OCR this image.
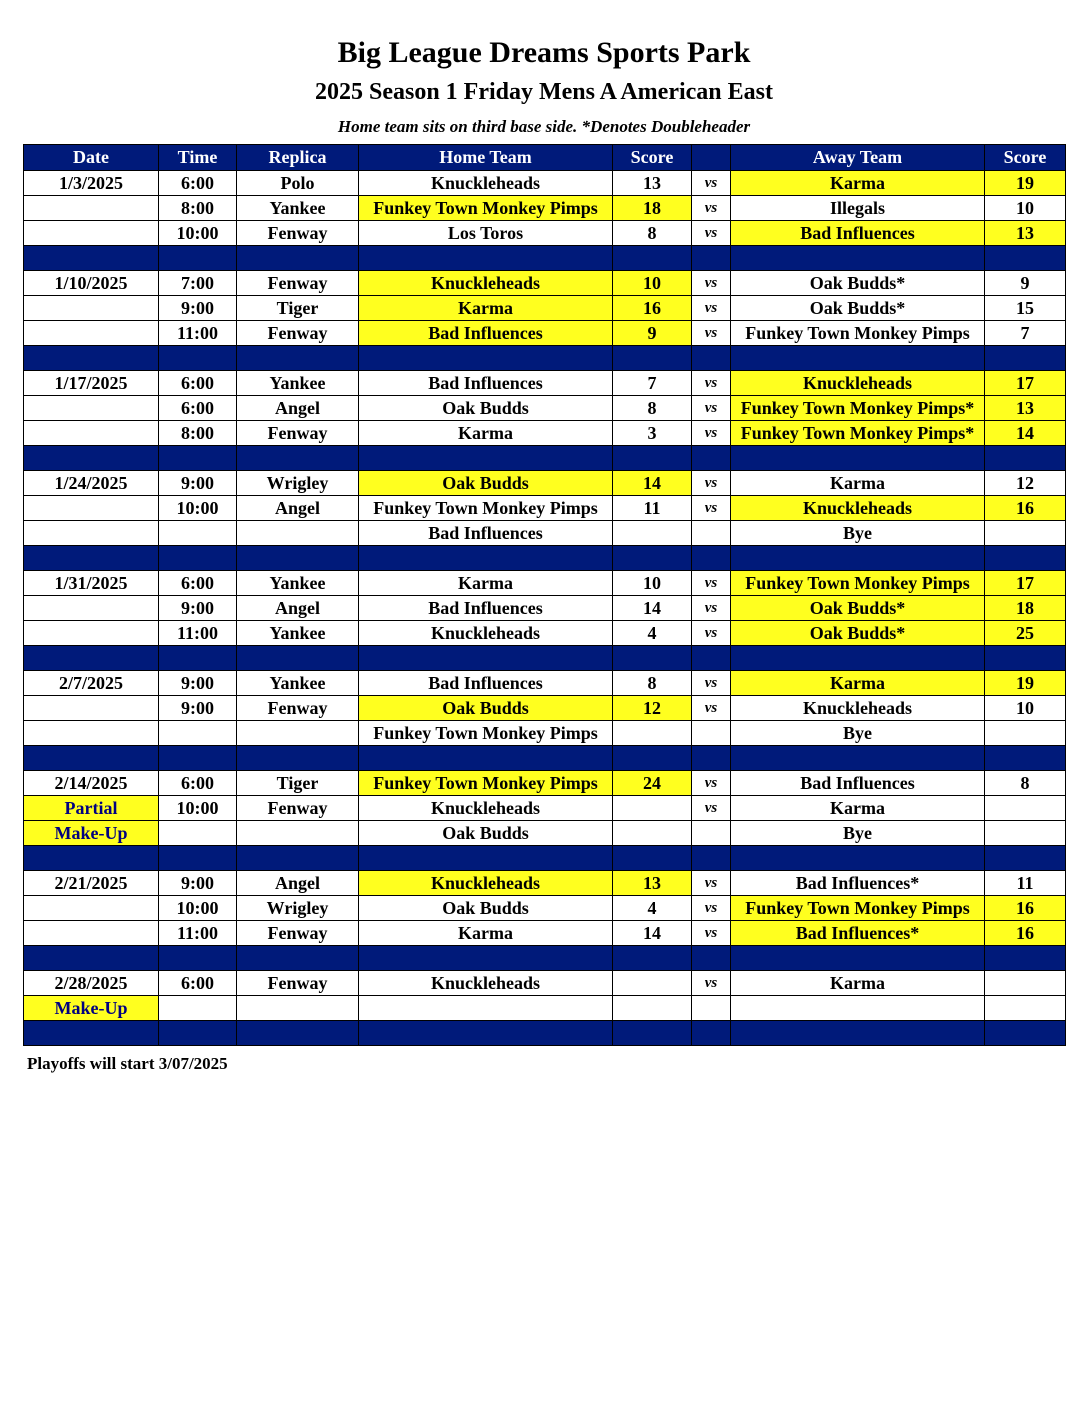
Big League Dreams Sports Park
2025 Season 1 Friday Mens A American East
Home team sits on third base side. *Denotes Doubleheader
Date	Time	Replica	Home Team	Score		Away Team	Score
1/3/2025	6:00	Polo	Knuckleheads	13	vs	Karma	19
	8:00	Yankee	Funkey Town Monkey Pimps	18	vs	Illegals	10
	10:00	Fenway	Los Toros	8	vs	Bad Influences	13

1/10/2025	7:00	Fenway	Knuckleheads	10	vs	Oak Budds*	9
	9:00	Tiger	Karma	16	vs	Oak Budds*	15
	11:00	Fenway	Bad Influences	9	vs	Funkey Town Monkey Pimps	7

1/17/2025	6:00	Yankee	Bad Influences	7	vs	Knuckleheads	17
	6:00	Angel	Oak Budds	8	vs	Funkey Town Monkey Pimps*	13
	8:00	Fenway	Karma	3	vs	Funkey Town Monkey Pimps*	14

1/24/2025	9:00	Wrigley	Oak Budds	14	vs	Karma	12
	10:00	Angel	Funkey Town Monkey Pimps	11	vs	Knuckleheads	16
			Bad Influences			Bye	

1/31/2025	6:00	Yankee	Karma	10	vs	Funkey Town Monkey Pimps	17
	9:00	Angel	Bad Influences	14	vs	Oak Budds*	18
	11:00	Yankee	Knuckleheads	4	vs	Oak Budds*	25

2/7/2025	9:00	Yankee	Bad Influences	8	vs	Karma	19
	9:00	Fenway	Oak Budds	12	vs	Knuckleheads	10
			Funkey Town Monkey Pimps			Bye	

2/14/2025	6:00	Tiger	Funkey Town Monkey Pimps	24	vs	Bad Influences	8
Partial	10:00	Fenway	Knuckleheads		vs	Karma	
Make-Up			Oak Budds			Bye	

2/21/2025	9:00	Angel	Knuckleheads	13	vs	Bad Influences*	11
	10:00	Wrigley	Oak Budds	4	vs	Funkey Town Monkey Pimps	16
	11:00	Fenway	Karma	14	vs	Bad Influences*	16

2/28/2025	6:00	Fenway	Knuckleheads		vs	Karma	
Make-Up							

Playoffs will start 3/07/2025
